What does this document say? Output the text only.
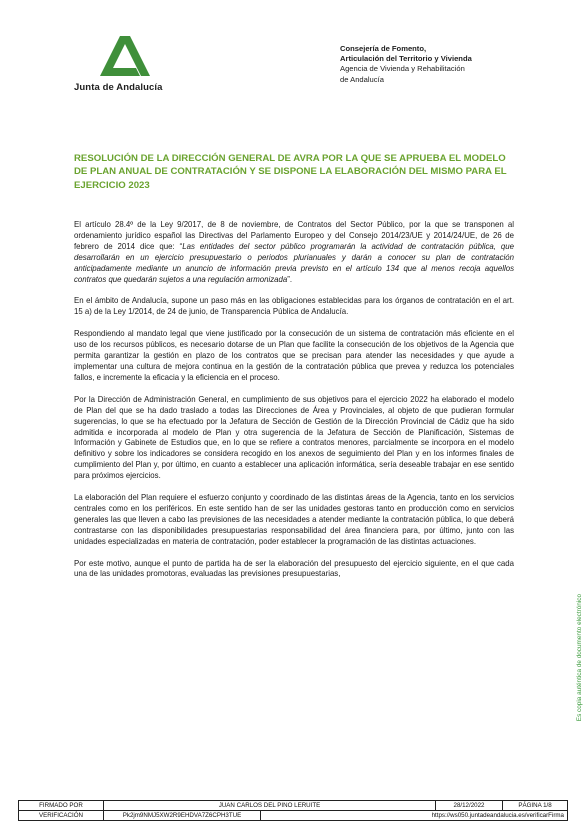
Junta de Andalucía
Consejería de Fomento,
Articulación del Territorio y Vivienda
Agencia de Vivienda y Rehabilitación
de Andalucía
RESOLUCIÓN DE LA DIRECCIÓN GENERAL DE AVRA POR LA QUE SE APRUEBA EL MODELO DE PLAN ANUAL DE CONTRATACIÓN Y SE DISPONE LA ELABORACIÓN DEL MISMO PARA EL EJERCICIO 2023

El artículo 28.4º de la Ley 9/2017, de 8 de noviembre, de Contratos del Sector Público, por la que se transponen al ordenamiento jurídico español las Directivas del Parlamento Europeo y del Consejo 2014/23/UE y 2014/24/UE, de 26 de febrero de 2014 dice que: “Las entidades del sector público programarán la actividad de contratación pública, que desarrollarán en un ejercicio presupuestario o periodos plurianuales y darán a conocer su plan de contratación anticipadamente mediante un anuncio de información previa previsto en el artículo 134 que al menos recoja aquellos contratos que quedarán sujetos a una regulación armonizada”.

En el ámbito de Andalucía, supone un paso más en las obligaciones establecidas para los órganos de contratación en el art. 15 a) de la Ley 1/2014, de 24 de junio, de Transparencia Pública de Andalucía.

Respondiendo al mandato legal que viene justificado por la consecución de un sistema de contratación más eficiente en el uso de los recursos públicos, es necesario dotarse de un Plan que facilite la consecución de los objetivos de la Agencia que permita garantizar la gestión en plazo de los contratos que se precisan para atender las necesidades y que ayude a implementar una cultura de mejora continua en la gestión de la contratación pública que prevea y reduzca los potenciales fallos, e incremente la eficacia y la eficiencia en el proceso.

Por la Dirección de Administración General, en cumplimiento de sus objetivos para el ejercicio 2022 ha elaborado el modelo de Plan del que se ha dado traslado a todas las Direcciones de Área y Provinciales, al objeto de que pudieran formular sugerencias, lo que se ha efectuado por la Jefatura de Sección de Gestión de la Dirección Provincial de Cádiz que ha sido admitida e incorporada al modelo de Plan y otra sugerencia de la Jefatura de Sección de Planificación, Sistemas de Información y Gabinete de Estudios que, en lo que se refiere a contratos menores, parcialmente se incorpora en el modelo definitivo y sobre los indicadores se considera recogido en los anexos de seguimiento del Plan y en los informes finales de cumplimiento del Plan y, por último, en cuanto a establecer una aplicación informática, sería deseable trabajar en ese sentido para próximos ejercicios.

La elaboración del Plan requiere el esfuerzo conjunto y coordinado de las distintas áreas de la Agencia, tanto en los servicios centrales como en los periféricos. En este sentido han de ser las unidades gestoras tanto en producción como en servicios generales las que lleven a cabo las previsiones de las necesidades a atender mediante la contratación pública, lo que deberá contrastarse con las disponibilidades presupuestarias responsabilidad del área financiera para, por último, junto con las unidades especializadas en materia de contratación, poder establecer la programación de las distintas actuaciones.

Por este motivo, aunque el punto de partida ha de ser la elaboración del presupuesto del ejercicio siguiente, en el que cada una de las unidades promotoras, evaluadas las previsiones presupuestarias,

Es copia auténtica de documento electrónico
FIRMADO POR	JUAN CARLOS DEL PINO LERUITE		28/12/2022	PÁGINA 1/8
VERIFICACIÓN	Pk2jm9NMJ5XW2R9EHDVA7Z6CPH3TUE	https://ws050.juntadeandalucia.es/verificarFirma		
